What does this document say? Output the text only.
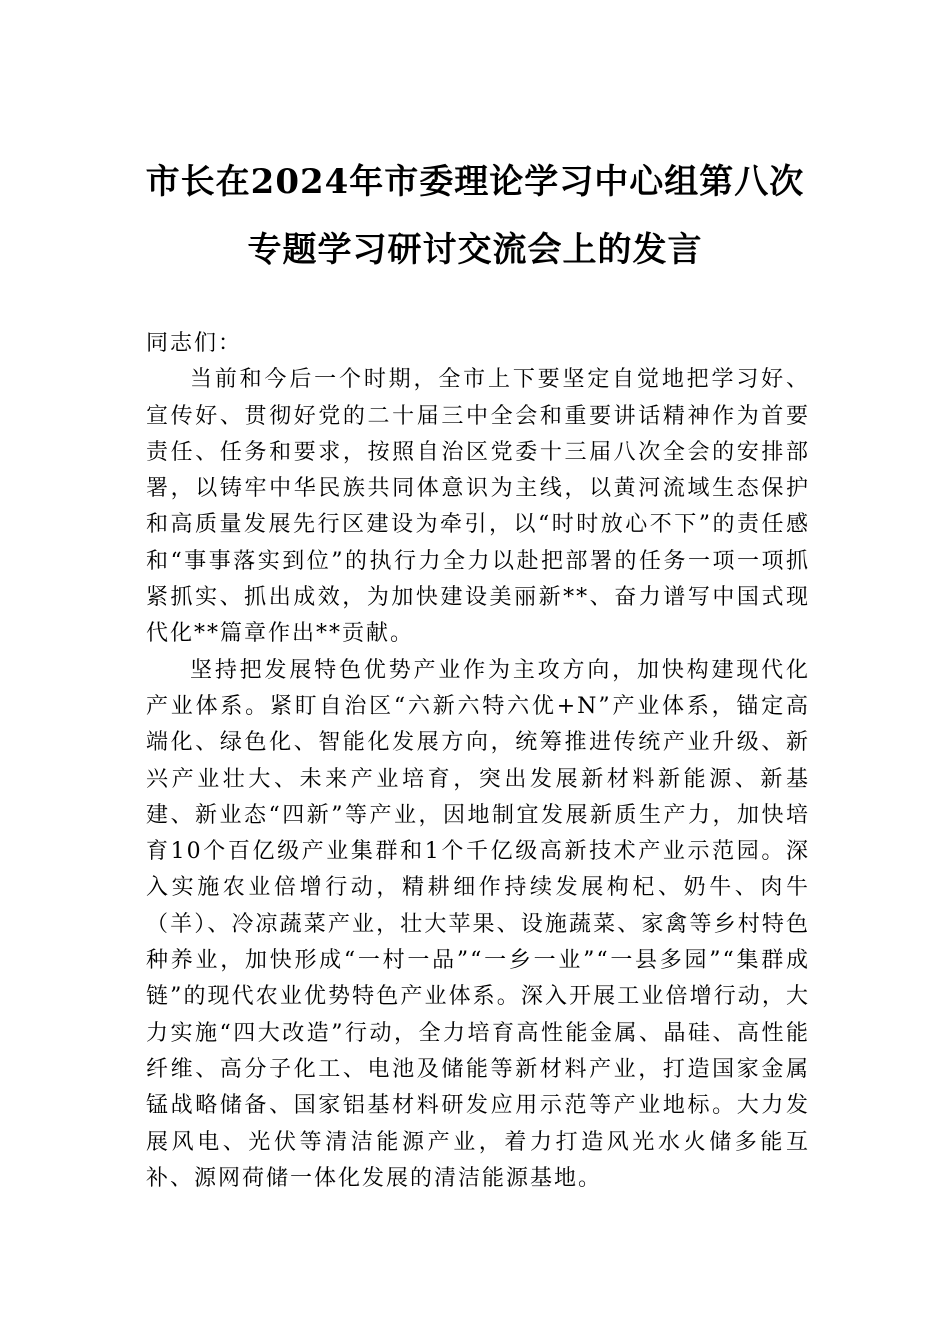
市长在2024年市委理论学习中心组第八次
专题学习研讨交流会上的发言

同志们：

当前和今后一个时期，全市上下要坚定自觉地把学习好、宣传好、贯彻好党的二十届三中全会和重要讲话精神作为首要责任、任务和要求，按照自治区党委十三届八次全会的安排部署，以铸牢中华民族共同体意识为主线，以黄河流域生态保护和高质量发展先行区建设为牵引，以“时时放心不下”的责任感和“事事落实到位”的执行力全力以赴把部署的任务一项一项抓紧抓实、抓出成效，为加快建设美丽新**、奋力谱写中国式现代化**篇章作出**贡献。

坚持把发展特色优势产业作为主攻方向，加快构建现代化产业体系。紧盯自治区“六新六特六优+N”产业体系，锚定高端化、绿色化、智能化发展方向，统筹推进传统产业升级、新兴产业壮大、未来产业培育，突出发展新材料新能源、新基建、新业态“四新”等产业，因地制宜发展新质生产力，加快培育10个百亿级产业集群和1个千亿级高新技术产业示范园。深入实施农业倍增行动，精耕细作持续发展枸杞、奶牛、肉牛（羊）、冷凉蔬菜产业，壮大苹果、设施蔬菜、家禽等乡村特色种养业，加快形成“一村一品”“一乡一业”“一县多园”“集群成链”的现代农业优势特色产业体系。深入开展工业倍增行动，大力实施“四大改造”行动，全力培育高性能金属、晶硅、高性能纤维、高分子化工、电池及储能等新材料产业，打造国家金属锰战略储备、国家铝基材料研发应用示范等产业地标。大力发展风电、光伏等清洁能源产业，着力打造风光水火储多能互补、源网荷储一体化发展的清洁能源基地。
